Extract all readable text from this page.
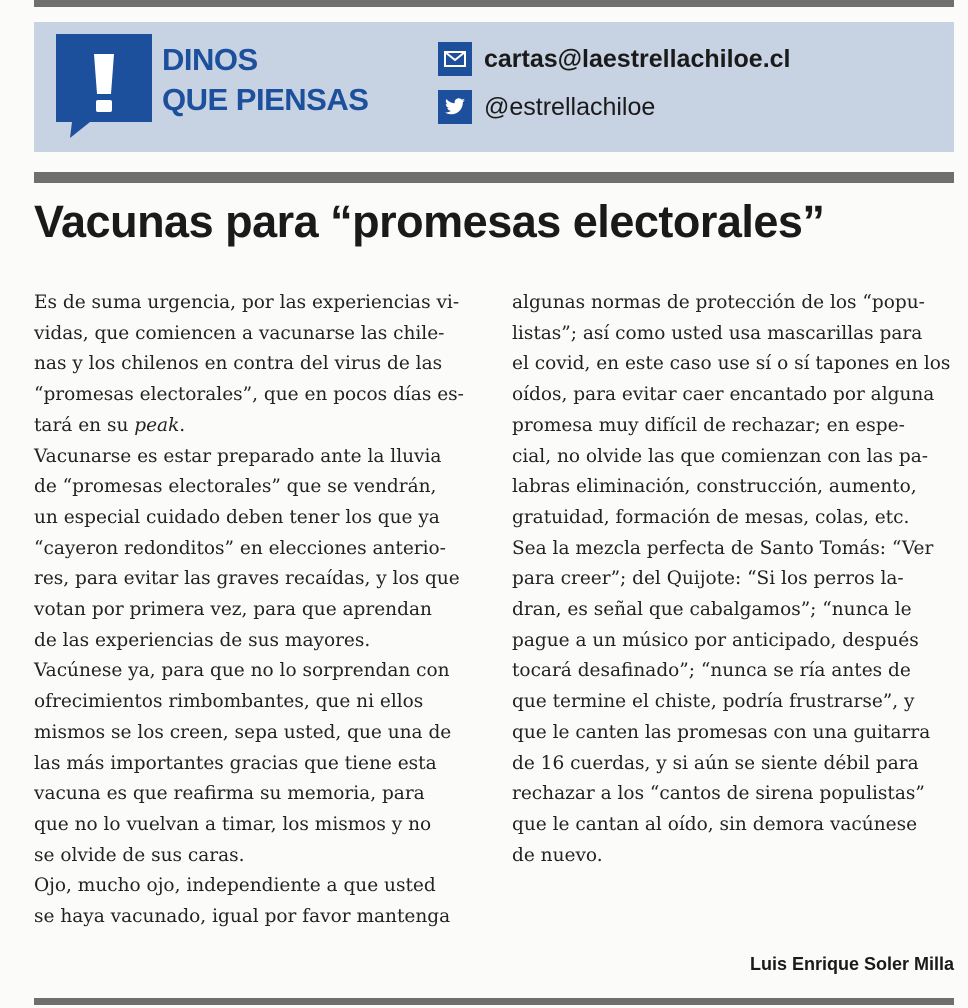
DINOS
QUE PIENSAS
cartas@laestrellachiloe.cl
@estrellachiloe
Vacunas para “promesas electorales”

Es de suma urgencia, por las experiencias vi-

vidas, que comiencen a vacunarse las chile-

nas y los chilenos en contra del virus de las

“promesas electorales”, que en pocos días es-

tará en su peak.

Vacunarse es estar preparado ante la lluvia

de “promesas electorales” que se vendrán,

un especial cuidado deben tener los que ya

“cayeron redonditos” en elecciones anterio-

res, para evitar las graves recaídas, y los que

votan por primera vez, para que aprendan

de las experiencias de sus mayores.

Vacúnese ya, para que no lo sorprendan con

ofrecimientos rimbombantes, que ni ellos

mismos se los creen, sepa usted, que una de

las más importantes gracias que tiene esta

vacuna es que reafirma su memoria, para

que no lo vuelvan a timar, los mismos y no

se olvide de sus caras.

Ojo, mucho ojo, independiente a que usted

se haya vacunado, igual por favor mantenga

algunas normas de protección de los “popu-

listas”; así como usted usa mascarillas para

el covid, en este caso use sí o sí tapones en los

oídos, para evitar caer encantado por alguna

promesa muy difícil de rechazar; en espe-

cial, no olvide las que comienzan con las pa-

labras eliminación, construcción, aumento,

gratuidad, formación de mesas, colas, etc.

Sea la mezcla perfecta de Santo Tomás: “Ver

para creer”; del Quijote: “Si los perros la-

dran, es señal que cabalgamos”; “nunca le

pague a un músico por anticipado, después

tocará desafinado”; “nunca se ría antes de

que termine el chiste, podría frustrarse”, y

que le canten las promesas con una guitarra

de 16 cuerdas, y si aún se siente débil para

rechazar a los “cantos de sirena populistas”

que le cantan al oído, sin demora vacúnese

de nuevo.

Luis Enrique Soler Milla
